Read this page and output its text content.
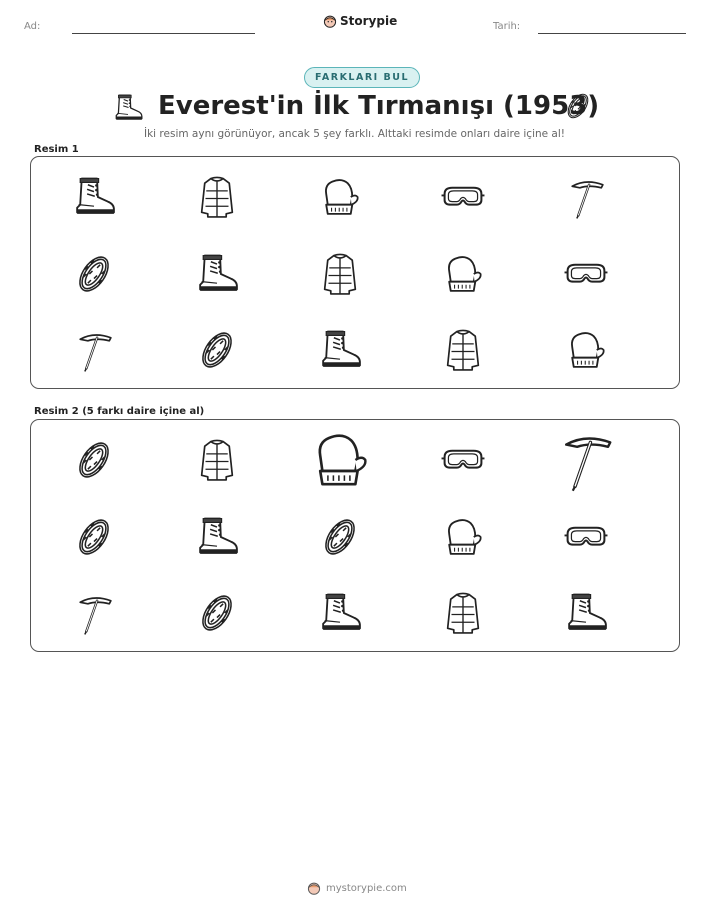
Ad:	Storypie	Tarih:
FARKLARI BUL
Everest'in İlk Tırmanışı (1953)
İki resim aynı görünüyor, ancak 5 şey farklı. Alttaki resimde onları daire içine al!
Resim 1
Resim 2 (5 farkı daire içine al)
mystorypie.com
